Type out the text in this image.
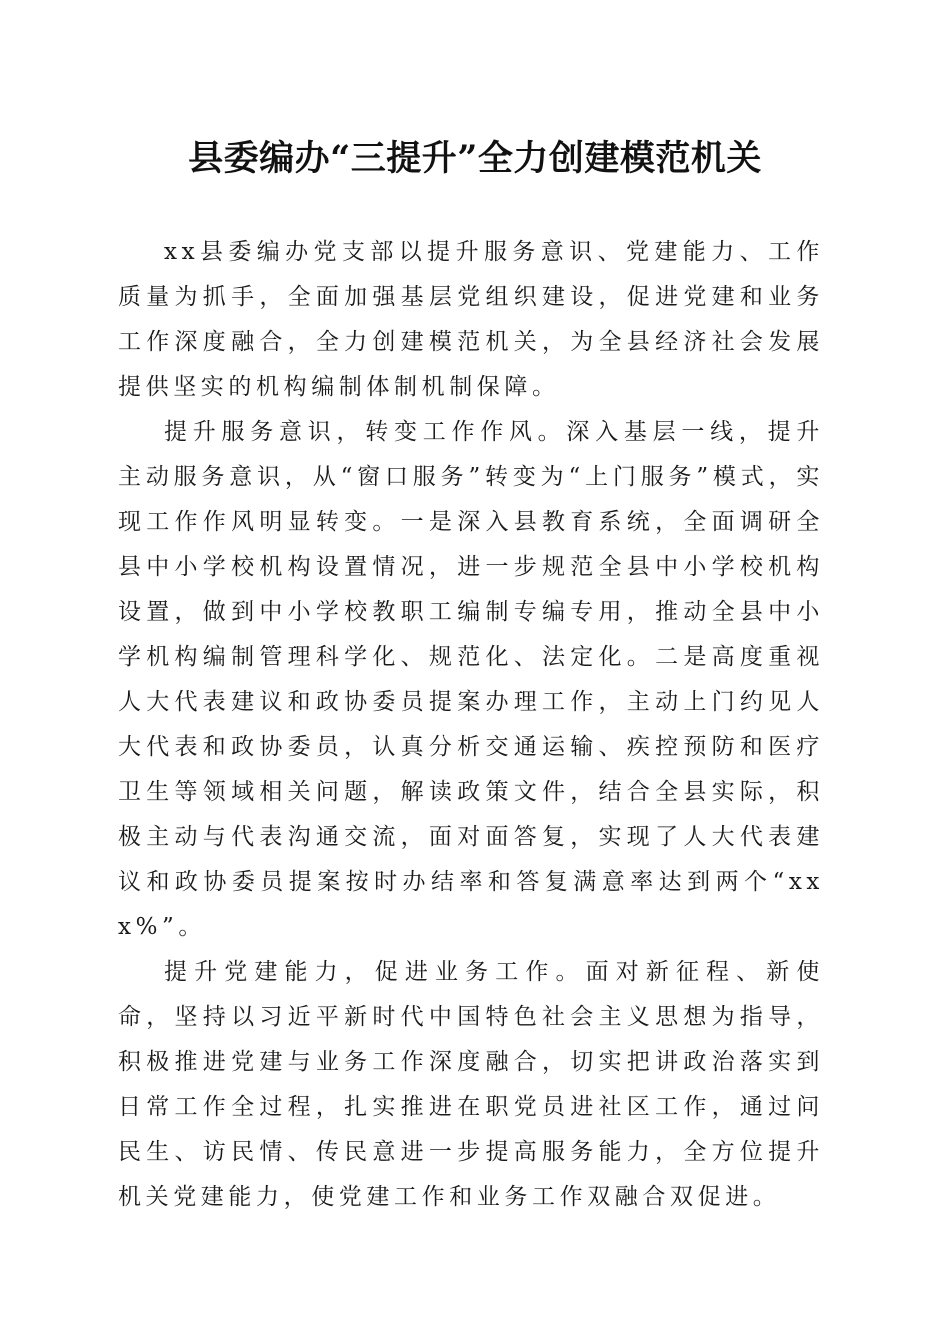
县委编办“三提升”全力创建模范机关

xx县委编办党支部以提升服务意识、党建能力、工作质量为抓手，全面加强基层党组织建设，促进党建和业务工作深度融合，全力创建模范机关，为全县经济社会发展提供坚实的机构编制体制机制保障。

提升服务意识，转变工作作风。深入基层一线，提升主动服务意识，从“窗口服务”转变为“上门服务”模式，实现工作作风明显转变。一是深入县教育系统，全面调研全县中小学校机构设置情况，进一步规范全县中小学校机构设置，做到中小学校教职工编制专编专用，推动全县中小学机构编制管理科学化、规范化、法定化。二是高度重视人大代表建议和政协委员提案办理工作，主动上门约见人大代表和政协委员，认真分析交通运输、疾控预防和医疗卫生等领域相关问题，解读政策文件，结合全县实际，积极主动与代表沟通交流，面对面答复，实现了人大代表建议和政协委员提案按时办结率和答复满意率达到两个“xxx%”。

提升党建能力，促进业务工作。面对新征程、新使命，坚持以习近平新时代中国特色社会主义思想为指导，积极推进党建与业务工作深度融合，切实把讲政治落实到日常工作全过程，扎实推进在职党员进社区工作，通过问民生、访民情、传民意进一步提高服务能力，全方位提升机关党建能力，使党建工作和业务工作双融合双促进。
